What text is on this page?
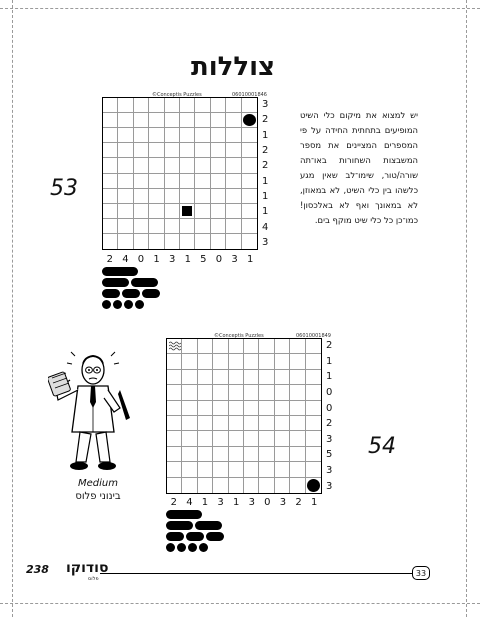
צוללות
53
©Conceptis Puzzles	06010001846
3
2
1
2
2
1
1
1
4
3
2 4 0 1 3 1 5 0 3 1
יש למצוא את מיקום כלי השיט המופיעים בתחתית החידה על פי המספרים המציינים את מספר המשבצות השחורות באו־תה שורה/טור, שימו־לב שאין מגע כלשהו בין כלי השיט, לא במאוזן, לא במאונך ואף לא באלכסון! כמו־כן כל כלי שיט מוקף בים.
Medium
בינוני פלוס
©Conceptis Puzzles	06010001849
2
1
1
0
0
2
3
5
3
3
2 4 1 3 1 3 0 3 2 1
54
238 סודוקו
פלוס
33
